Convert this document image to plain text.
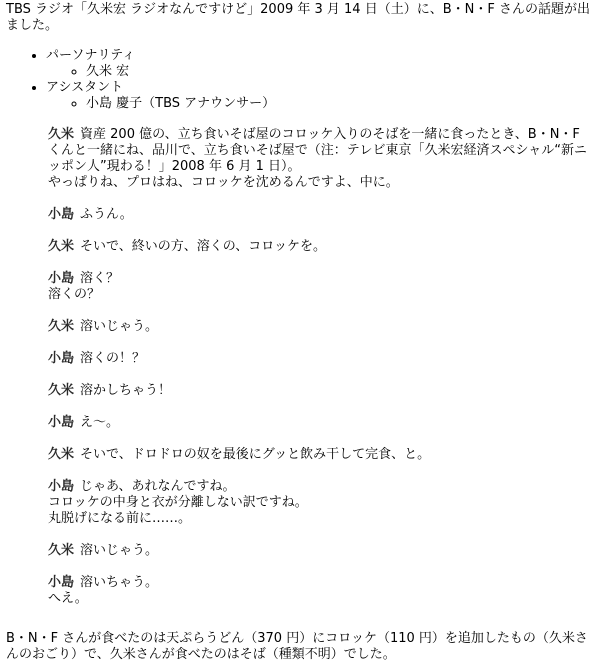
TBS ラジオ「久米宏 ラジオなんですけど」2009 年 3 月 14 日（土）に、B・N・F さんの話題が出ました。

• パーソナリティ
◦ 久米 宏
• アシスタント
◦ 小島 慶子（TBS アナウンサー）

久米 資産 200 億の、立ち食いそば屋のコロッケ入りのそばを一緒に食ったとき、B・N・F くんと一緒にね、品川で、立ち食いそば屋で（注：テレビ東京「久米宏経済スペシャル“新ニッポン人”現わる！」2008 年 6 月 1 日）。
やっぱりね、プロはね、コロッケを沈めるんですよ、中に。

小島 ふうん。

久米 そいで、終いの方、溶くの、コロッケを。

小島 溶く？
溶くの？

久米 溶いじゃう。

小島 溶くの！？

久米 溶かしちゃう！

小島 え～。

久米 そいで、ドロドロの奴を最後にグッと飲み干して完食、と。

小島 じゃあ、あれなんですね。
コロッケの中身と衣が分離しない訳ですね。
丸脱げになる前に……。

久米 溶いじゃう。

小島 溶いちゃう。
へえ。

B・N・F さんが食べたのは天ぷらうどん（370 円）にコロッケ（110 円）を追加したもの（久米さんのおごり）で、久米さんが食べたのはそば（種類不明）でした。
